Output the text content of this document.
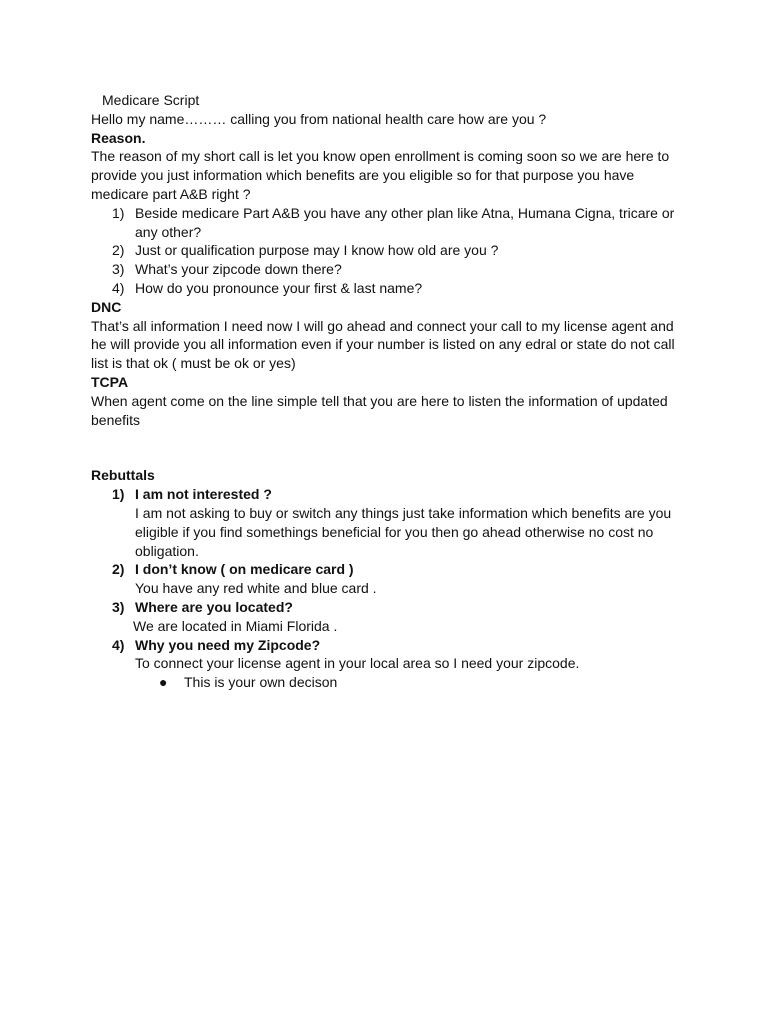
Medicare Script
Hello my name……… calling you from national health care how are you ?
Reason.
The reason of my short call is let you know open enrollment is coming soon so we are here to
provide you just information which benefits are you eligible so for that purpose you have
medicare part A&B right ?
1) Beside medicare Part A&B you have any other plan like Atna, Humana Cigna, tricare or
any other?
2) Just or qualification purpose may I know how old are you ?
3) What’s your zipcode down there?
4) How do you pronounce your first & last name?
DNC
That’s all information I need now I will go ahead and connect your call to my license agent and
he will provide you all information even if your number is listed on any edral or state do not call
list is that ok ( must be ok or yes)
TCPA
When agent come on the line simple tell that you are here to listen the information of updated
benefits
Rebuttals
1) I am not interested ?
I am not asking to buy or switch any things just take information which benefits are you
eligible if you find somethings beneficial for you then go ahead otherwise no cost no
obligation.
2) I don’t know ( on medicare card )
You have any red white and blue card .
3) Where are you located?
We are located in Miami Florida .
4) Why you need my Zipcode?
To connect your license agent in your local area so I need your zipcode.
● This is your own decison
